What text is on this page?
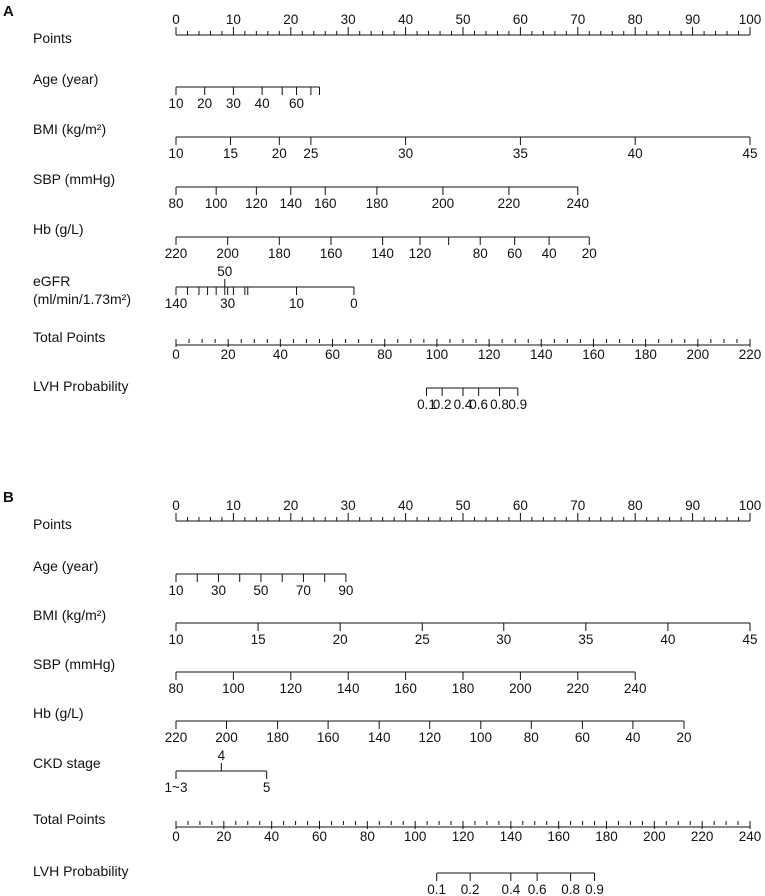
A
B
0	10	20	30	40	50	60	70	80	90	100
Points
10 20 30 40 60
Age (year)
10	15	20 25	30	35	40	45
BMI (kg/m²)
80 100 120 140 160 180	200	220	240
SBP (mmHg)
220 200 180 160 140 120	80 60 40 20
Hb (g/L)
140
50
30	10	0
eGFR
(ml/min/1.73m²)
0	20	40	60	80 100 120 140 160 180 200 220
Total Points
0.1
0.2 0.4
0.6 0.8 0.9
LVH Probability
0	10	20	30	40	50	60	70	80	90	100
Points
10 30 50 70 90
Age (year)
10	15	20	25	30	35	40	45
BMI (kg/m²)
80	100	120	140	160	180	200	220	240
SBP (mmHg)
220 200 180 160 140 120 100 80	60	40	20
Hb (g/L)
1~3
4
5
CKD stage
0	20 40 60 80 100 120 140 160 180 200 220 240
Total Points
0.1 0.2 0.4 0.6 0.8 0.9
LVH Probability
